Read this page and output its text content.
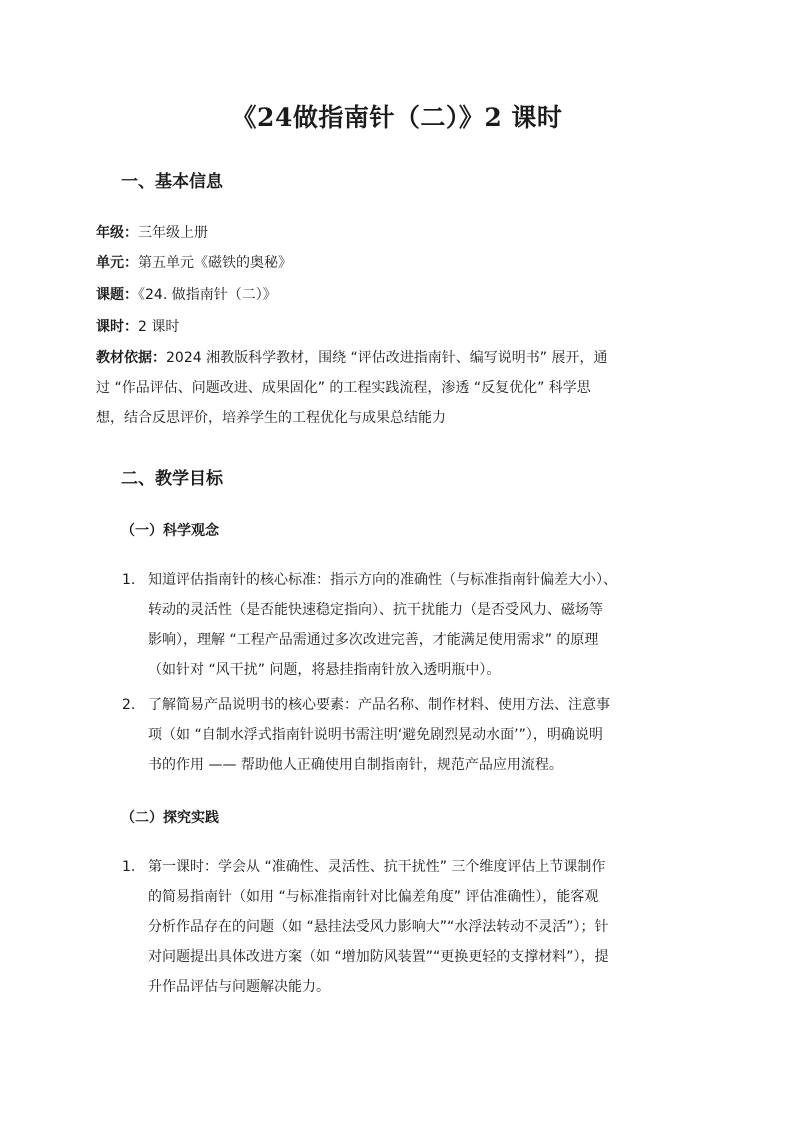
《24做指南针（二）》2 课时
一、基本信息
年级：三年级上册
单元：第五单元《磁铁的奥秘》
课题：《24. 做指南针（二）》
课时：2 课时
教材依据：2024 湘教版科学教材，围绕 “评估改进指南针、编写说明书” 展开，通
过 “作品评估、问题改进、成果固化” 的工程实践流程，渗透 “反复优化” 科学思
想，结合反思评价，培养学生的工程优化与成果总结能力
二、教学目标
（一）科学观念
1. 知道评估指南针的核心标准：指示方向的准确性（与标准指南针偏差大小）、
转动的灵活性（是否能快速稳定指向）、抗干扰能力（是否受风力、磁场等
影响），理解 “工程产品需通过多次改进完善，才能满足使用需求” 的原理
（如针对 “风干扰” 问题，将悬挂指南针放入透明瓶中）。
2. 了解简易产品说明书的核心要素：产品名称、制作材料、使用方法、注意事
项（如 “自制水浮式指南针说明书需注明‘避免剧烈晃动水面’”），明确说明
书的作用 —— 帮助他人正确使用自制指南针，规范产品应用流程。
（二）探究实践
1. 第一课时：学会从 “准确性、灵活性、抗干扰性” 三个维度评估上节课制作
的简易指南针（如用 “与标准指南针对比偏差角度” 评估准确性），能客观
分析作品存在的问题（如 “悬挂法受风力影响大”“水浮法转动不灵活”）；针
对问题提出具体改进方案（如 “增加防风装置”“更换更轻的支撑材料”），提
升作品评估与问题解决能力。
